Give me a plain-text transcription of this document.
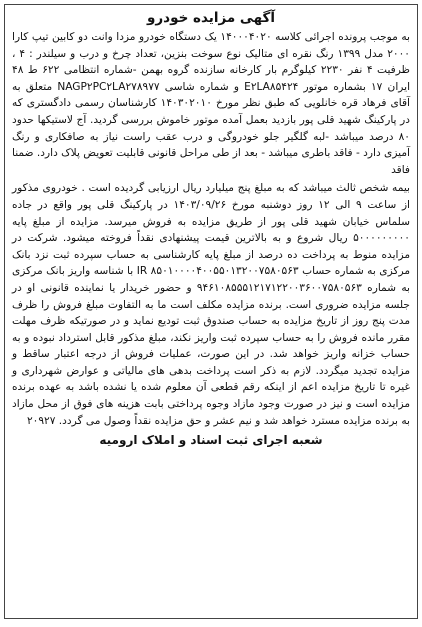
آگهی مزایده خودرو

به موجب پرونده اجرائی کلاسه ۱۴۰۰۰۴۰۲۰ یک دستگاه خودرو مزدا وانت دو کابین تیپ کارا ۲۰۰۰ مدل ۱۳۹۹ رنگ نقره ای متالیک نوع سوخت بنزین، تعداد چرخ و درب و سیلندر : ۴ ، ظرفیت ۴ نفر ۲۲۳۰ کیلوگرم بار کارخانه سازنده گروه بهمن -شماره انتظامی ۶۲۲ ط ۴۸ ایران ۱۷ بشماره موتور E۲LA۸۵۴۲۴ و شماره شاسی NAGP۲PC۲LA۲۷۸۹۷۷ متعلق به آقای فرهاد قره خانلویی که طبق نظر مورخ ۱۴۰۳۰۲۰۱۰ کارشناسان رسمی دادگستری که در پارکینگ شهید قلی پور بازدید بعمل آمده موتور خاموش بررسی گردید. آج لاستیکها حدود ۸۰ درصد میباشد -لبه گلگیر جلو خودرو‌گی و درب عقب راست نیاز به صافکاری و رنگ آمیزی دارد - فاقد باطری میباشد - بعد از طی مراحل قانونی قابلیت تعویض پلاک دارد. ضمنا فاقد

بیمه شخص ثالث میباشد که به مبلغ پنج میلیارد ریال ارزیابی گردیده است . خودروی مذکور از ساعت ۹ الی ۱۲ روز دوشنبه مورخ ۱۴۰۳/۰۹/۲۶ در پارکینگ قلی پور واقع در جاده سلماس خیابان شهید قلی پور از طریق مزایده به فروش میرسد. مزایده از مبلغ پایه ۵۰۰۰۰۰۰۰۰۰ ریال شروع و به بالاترین قیمت پیشنهادی نقداً فروخته میشود. شرکت در مزایده منوط به پرداخت ده درصد از مبلغ پایه کارشناسی به حساب سپرده ثبت نزد بانک مرکزی به شماره حساب IR ۸۵۰۱۰۰۰۰۴۰۰۵۵۰۱۳۲۰۰۷۵۸۰۵۶۳ با شناسه واریز بانک مرکزی به شماره ۹۴۶۱۰۸۵۵۵۱۲۱۷۱۲۲۰۰۳۶۰۰۷۵۸۰۵۶۳ و حضور خریدار یا نماینده قانونی او در جلسه مزایده ضروری است. برنده مزایده مکلف است ما به التفاوت مبلغ فروش را ظرف مدت پنج روز از تاریخ مزایده به حساب صندوق ثبت تودیع نماید و در صورتیکه ظرف مهلت مقرر مانده فروش را به حساب سپرده ثبت واریز نکند، مبلغ مذکور قابل استرداد نبوده و به حساب خزانه واریز خواهد شد. در این صورت، عملیات فروش از درجه اعتبار ساقط و مزایده تجدید میگردد. لازم به ذکر است پرداخت بدهی های مالیاتی و عوارض شهرداری و غیره تا تاریخ مزایده اعم از اینکه رقم قطعی آن معلوم شده یا نشده باشد به عهده برنده مزایده است و نیز در صورت وجود مازاد وجوه پرداختی بابت هزینه های فوق از محل مازاد به برنده مزایده مسترد خواهد شد و نیم عشر و حق مزایده نقداً وصول می گردد. ۲۰۹۲۷

شعبه اجرای ثبت اسناد و املاک ارومیه
